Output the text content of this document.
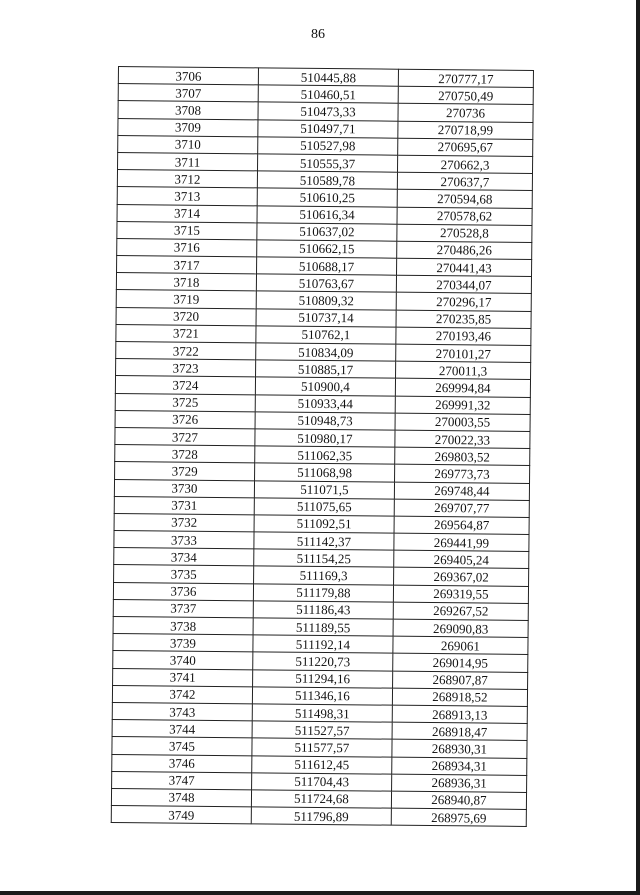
86
3706	510445,88	270777,17
3707	510460,51	270750,49
3708	510473,33	270736
3709	510497,71	270718,99
3710	510527,98	270695,67
3711	510555,37	270662,3
3712	510589,78	270637,7
3713	510610,25	270594,68
3714	510616,34	270578,62
3715	510637,02	270528,8
3716	510662,15	270486,26
3717	510688,17	270441,43
3718	510763,67	270344,07
3719	510809,32	270296,17
3720	510737,14	270235,85
3721	510762,1	270193,46
3722	510834,09	270101,27
3723	510885,17	270011,3
3724	510900,4	269994,84
3725	510933,44	269991,32
3726	510948,73	270003,55
3727	510980,17	270022,33
3728	511062,35	269803,52
3729	511068,98	269773,73
3730	511071,5	269748,44
3731	511075,65	269707,77
3732	511092,51	269564,87
3733	511142,37	269441,99
3734	511154,25	269405,24
3735	511169,3	269367,02
3736	511179,88	269319,55
3737	511186,43	269267,52
3738	511189,55	269090,83
3739	511192,14	269061
3740	511220,73	269014,95
3741	511294,16	268907,87
3742	511346,16	268918,52
3743	511498,31	268913,13
3744	511527,57	268918,47
3745	511577,57	268930,31
3746	511612,45	268934,31
3747	511704,43	268936,31
3748	511724,68	268940,87
3749	511796,89	268975,69
